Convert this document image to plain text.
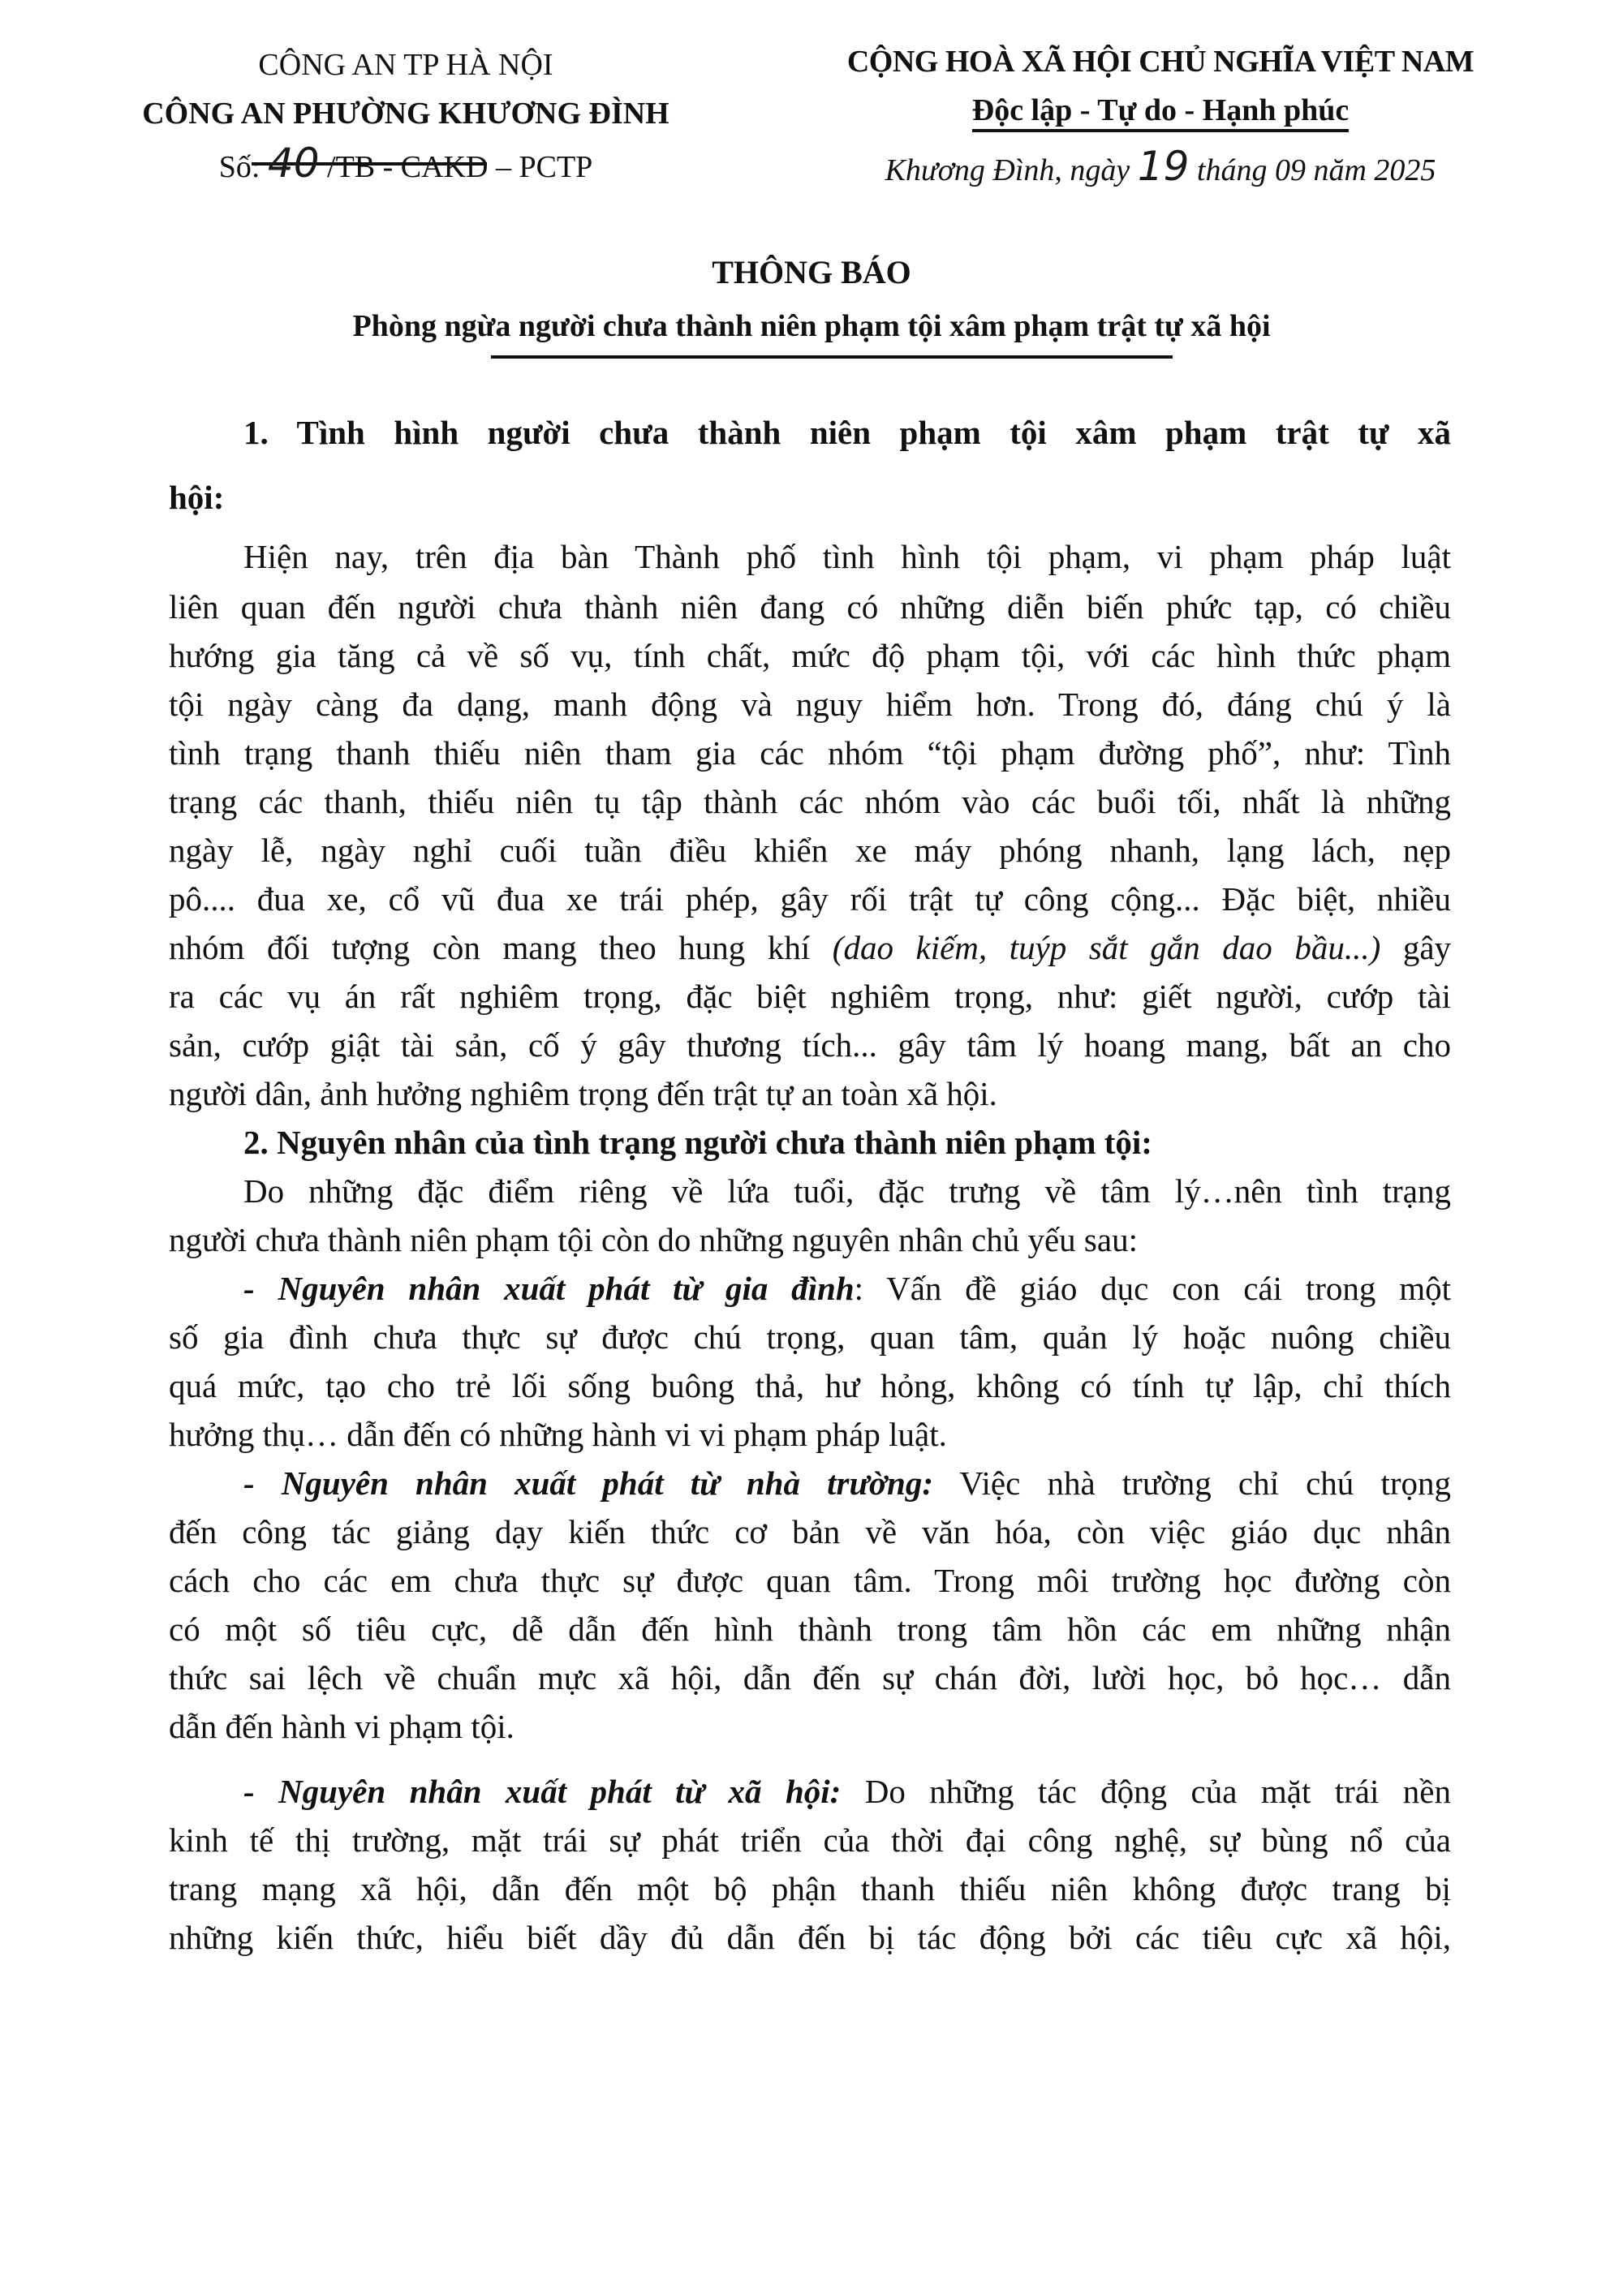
CÔNG AN TP HÀ NỘI
CÔNG AN PHƯỜNG KHƯƠNG ĐÌNH
Số: 40 /TB - CAKD – PCTP
CỘNG HOÀ XÃ HỘI CHỦ NGHĨA VIỆT NAM
Độc lập - Tự do - Hạnh phúc
Khương Đình, ngày 19 tháng 09 năm 2025
THÔNG BÁO
Phòng ngừa người chưa thành niên phạm tội xâm phạm trật tự xã hội
1. Tình hình người chưa thành niên phạm tội xâm phạm trật tự xã
hội:
Hiện nay, trên địa bàn Thành phố tình hình tội phạm, vi phạm pháp luật
liên quan đến người chưa thành niên đang có những diễn biến phức tạp, có chiều
hướng gia tăng cả về số vụ, tính chất, mức độ phạm tội, với các hình thức phạm
tội ngày càng đa dạng, manh động và nguy hiểm hơn. Trong đó, đáng chú ý là
tình trạng thanh thiếu niên tham gia các nhóm “tội phạm đường phố”, như: Tình
trạng các thanh, thiếu niên tụ tập thành các nhóm vào các buổi tối, nhất là những
ngày lễ, ngày nghỉ cuối tuần điều khiển xe máy phóng nhanh, lạng lách, nẹp
pô.... đua xe, cổ vũ đua xe trái phép, gây rối trật tự công cộng... Đặc biệt, nhiều
nhóm đối tượng còn mang theo hung khí (dao kiếm, tuýp sắt gắn dao bầu...) gây
ra các vụ án rất nghiêm trọng, đặc biệt nghiêm trọng, như: giết người, cướp tài
sản, cướp giật tài sản, cố ý gây thương tích... gây tâm lý hoang mang, bất an cho
người dân, ảnh hưởng nghiêm trọng đến trật tự an toàn xã hội.
2. Nguyên nhân của tình trạng người chưa thành niên phạm tội:
Do những đặc điểm riêng về lứa tuổi, đặc trưng về tâm lý…nên tình trạng
người chưa thành niên phạm tội còn do những nguyên nhân chủ yếu sau:
- Nguyên nhân xuất phát từ gia đình: Vấn đề giáo dục con cái trong một
số gia đình chưa thực sự được chú trọng, quan tâm, quản lý hoặc nuông chiều
quá mức, tạo cho trẻ lối sống buông thả, hư hỏng, không có tính tự lập, chỉ thích
hưởng thụ… dẫn đến có những hành vi vi phạm pháp luật.
- Nguyên nhân xuất phát từ nhà trường: Việc nhà trường chỉ chú trọng
đến công tác giảng dạy kiến thức cơ bản về văn hóa, còn việc giáo dục nhân
cách cho các em chưa thực sự được quan tâm. Trong môi trường học đường còn
có một số tiêu cực, dễ dẫn đến hình thành trong tâm hồn các em những nhận
thức sai lệch về chuẩn mực xã hội, dẫn đến sự chán đời, lười học, bỏ học… dẫn
dẫn đến hành vi phạm tội.
- Nguyên nhân xuất phát từ xã hội: Do những tác động của mặt trái nền
kinh tế thị trường, mặt trái sự phát triển của thời đại công nghệ, sự bùng nổ của
trang mạng xã hội, dẫn đến một bộ phận thanh thiếu niên không được trang bị
những kiến thức, hiểu biết dầy đủ dẫn đến bị tác động bởi các tiêu cực xã hội,
